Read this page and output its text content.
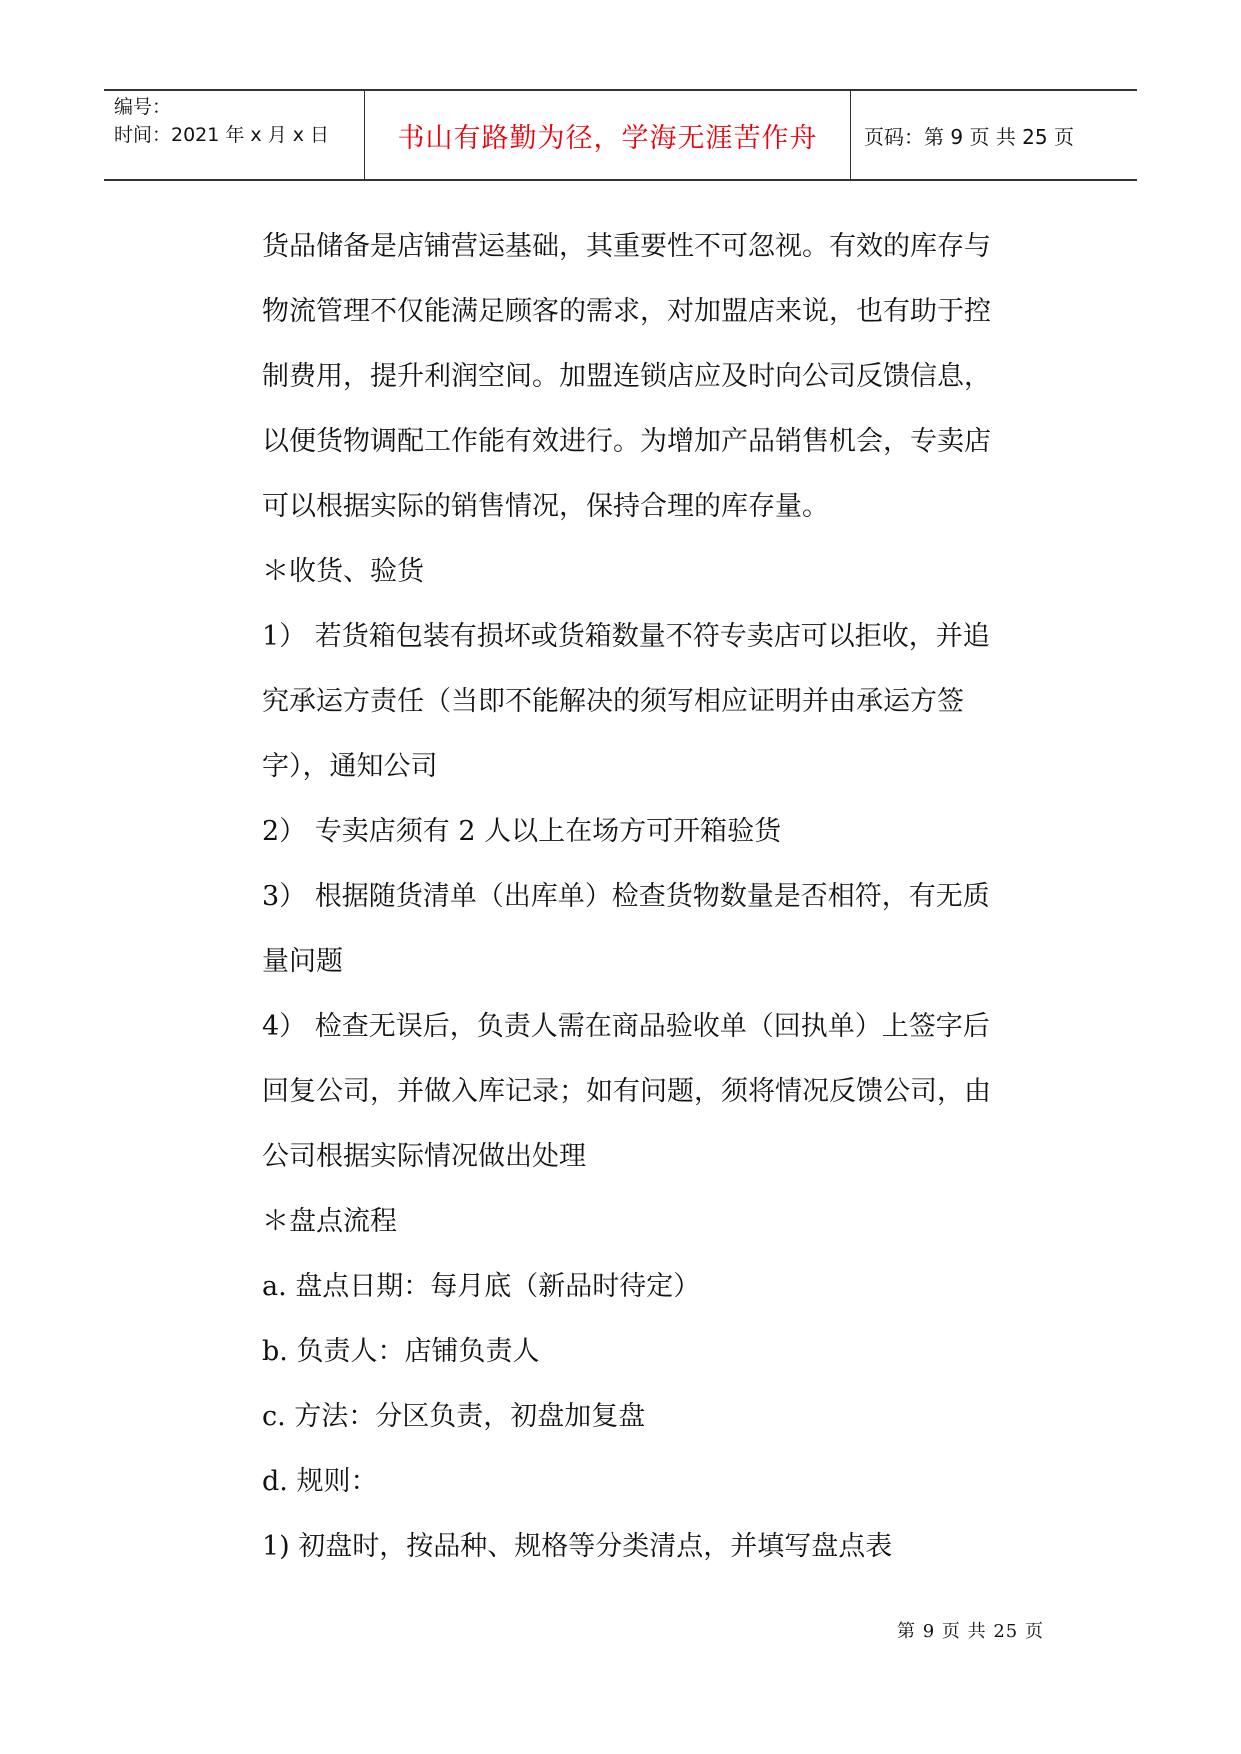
编号：
时间：2021 年 x 月 x 日	书山有路勤为径，学海无涯苦作舟	页码：第 9 页 共 25 页
货品储备是店铺营运基础，其重要性不可忽视。有效的库存与
物流管理不仅能满足顾客的需求，对加盟店来说，也有助于控
制费用，提升利润空间。加盟连锁店应及时向公司反馈信息，
以便货物调配工作能有效进行。为增加产品销售机会，专卖店
可以根据实际的销售情况，保持合理的库存量。
＊收货、验货
1） 若货箱包装有损坏或货箱数量不符专卖店可以拒收，并追
究承运方责任（当即不能解决的须写相应证明并由承运方签
字），通知公司
2） 专卖店须有 2 人以上在场方可开箱验货
3） 根据随货清单（出库单）检查货物数量是否相符，有无质
量问题
4） 检查无误后，负责人需在商品验收单（回执单）上签字后
回复公司，并做入库记录；如有问题，须将情况反馈公司，由
公司根据实际情况做出处理
＊盘点流程
a. 盘点日期：每月底（新品时待定）
b. 负责人：店铺负责人
c. 方法：分区负责，初盘加复盘
d. 规则：
1) 初盘时，按品种、规格等分类清点，并填写盘点表
第 9 页 共 25 页
